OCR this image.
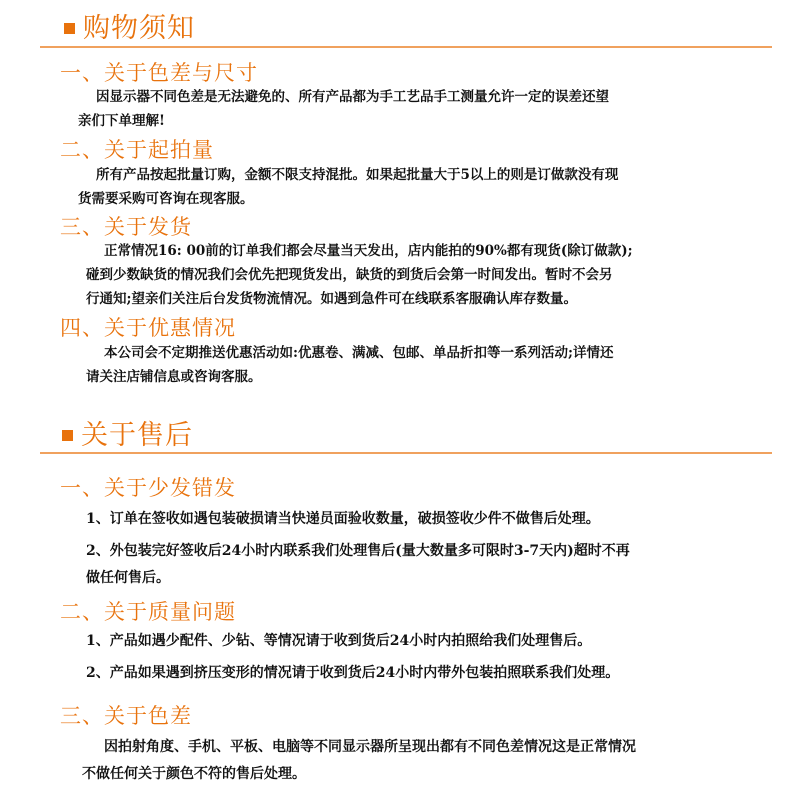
购物须知
一、关于色差与尺寸
因显示器不同色差是无法避免的、所有产品都为手工艺品手工测量允许一定的误差还望
亲们下单理解!
二、关于起拍量
所有产品按起批量订购，金额不限支持混批。如果起批量大于5以上的则是订做款没有现
货需要采购可咨询在现客服。
三、关于发货
正常情况16: 00前的订单我们都会尽量当天发出，店内能拍的90%都有现货(除订做款);
碰到少数缺货的情况我们会优先把现货发出，缺货的到货后会第一时间发出。暂时不会另
行通知;望亲们关注后台发货物流情况。如遇到急件可在线联系客服确认库存数量。
四、关于优惠情况
本公司会不定期推送优惠活动如:优惠卷、满减、包邮、单品折扣等一系列活动;详情还
请关注店铺信息或咨询客服。
关于售后
一、关于少发错发
1、订单在签收如遇包装破损请当快递员面验收数量，破损签收少件不做售后处理。
2、外包装完好签收后24小时内联系我们处理售后(量大数量多可限时3-7天内)超时不再
做任何售后。
二、关于质量问题
1、产品如遇少配件、少钻、等情况请于收到货后24小时内拍照给我们处理售后。
2、产品如果遇到挤压变形的情况请于收到货后24小时内带外包装拍照联系我们处理。
三、关于色差
因拍射角度、手机、平板、电脑等不同显示器所呈现出都有不同色差情况这是正常情况
不做任何关于颜色不符的售后处理。
